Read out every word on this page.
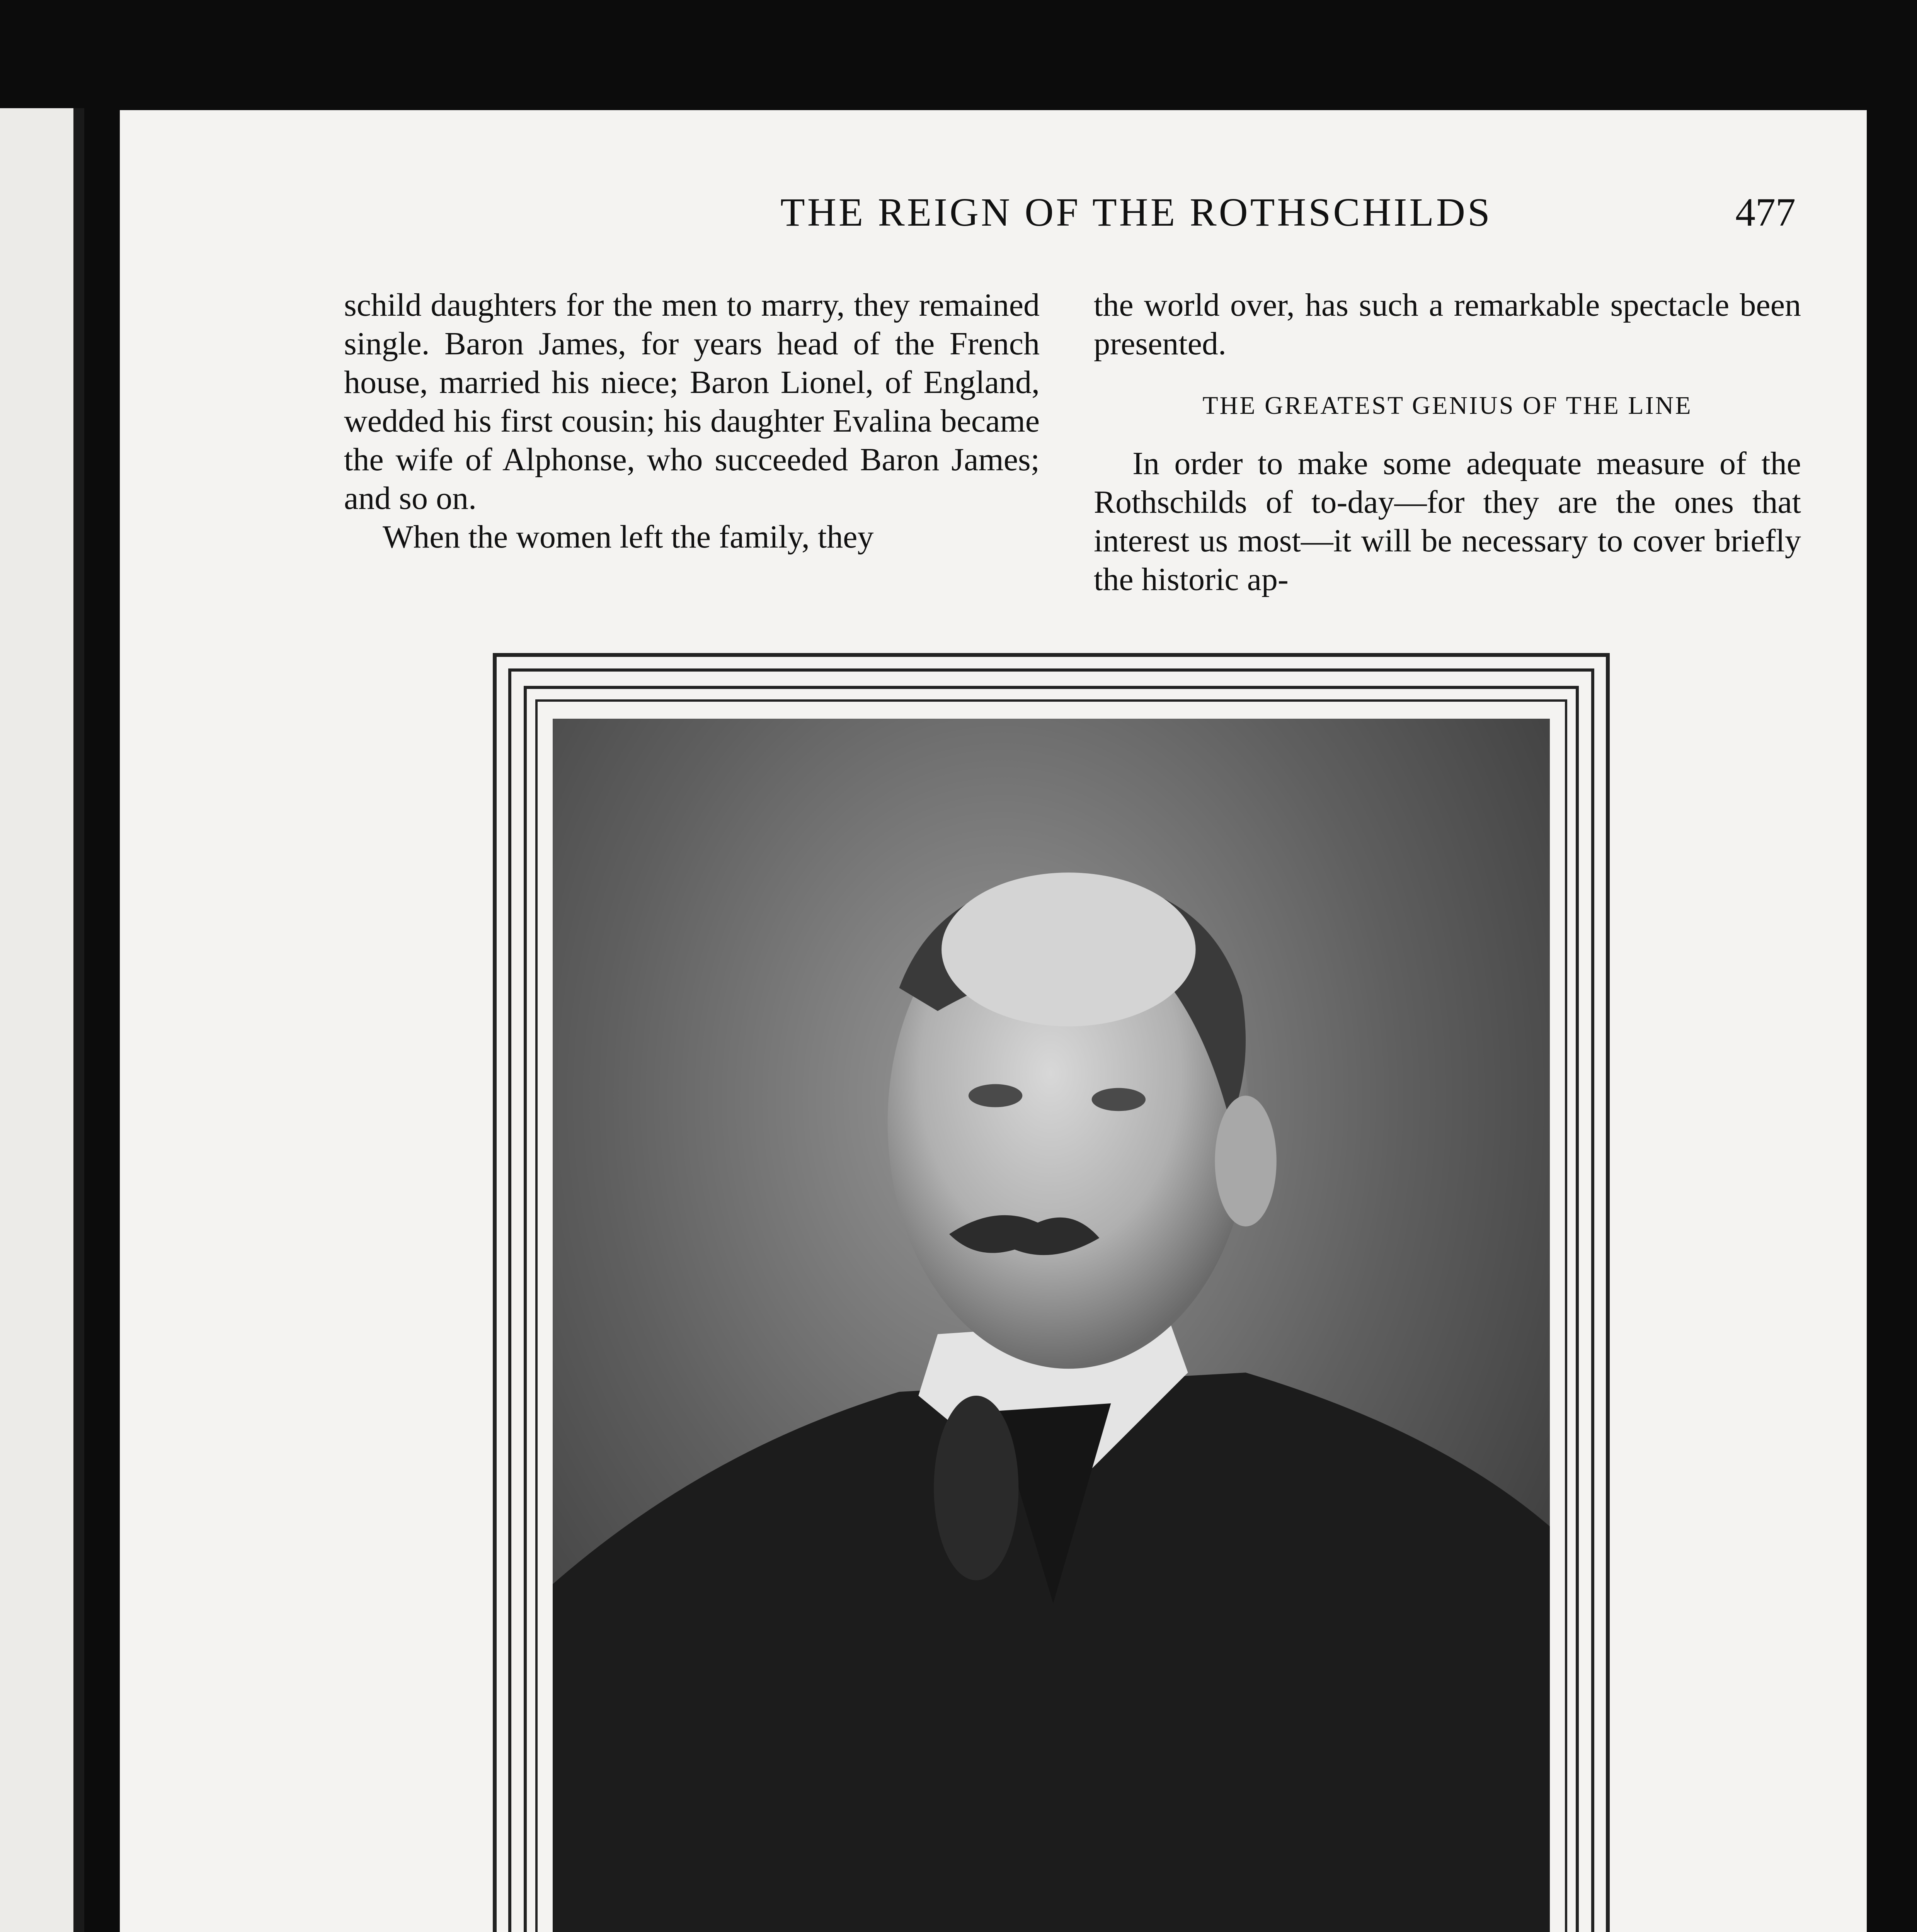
THE REIGN OF THE ROTHSCHILDS	477

schild daughters for the men to marry, they remained single. Baron James, for years head of the French house, married his niece; Baron Lionel, of England, wedded his first cousin; his daughter Evalina became the wife of Alphonse, who succeeded Baron James; and so on.

When the women left the family, they

the world over, has such a remarkable spectacle been presented.

THE GREATEST GENIUS OF THE LINE

In order to make some adequate measure of the Rothschilds of to-day—for they are the ones that interest us most—it will be necessary to cover briefly the historic ap-
